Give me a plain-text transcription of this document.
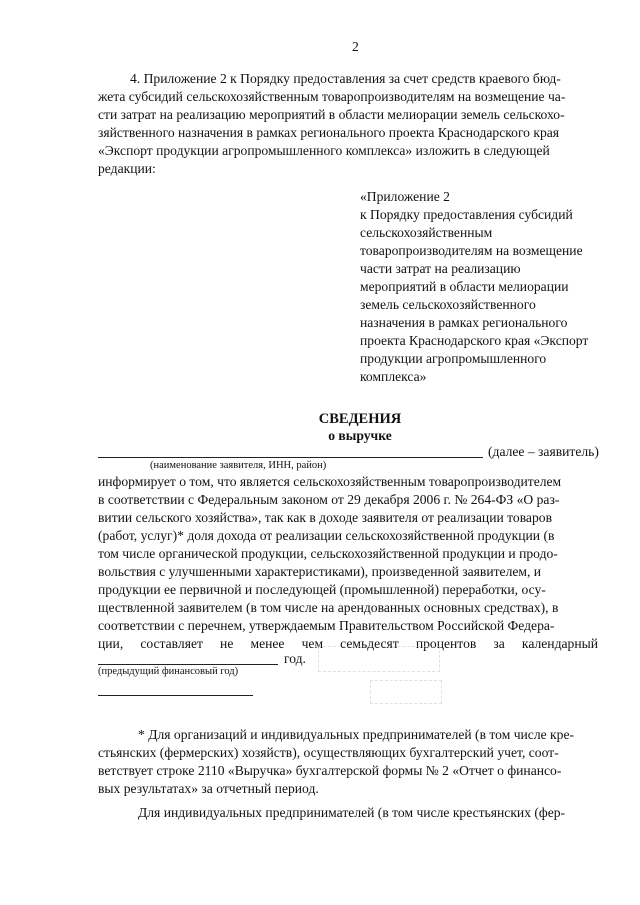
2
4. Приложение 2 к Порядку предоставления за счет средств краевого бюд-
жета субсидий сельскохозяйственным товаропроизводителям на возмещение ча-
сти затрат на реализацию мероприятий в области мелиорации земель сельскохо-
зяйственного назначения в рамках регионального проекта Краснодарского края
«Экспорт продукции агропромышленного комплекса» изложить в следующей
редакции:
«Приложение 2
к Порядку предоставления субсидий
сельскохозяйственным
товаропроизводителям на возмещение
части затрат на реализацию
мероприятий в области мелиорации
земель сельскохозяйственного
назначения в рамках регионального
проекта Краснодарского края «Экспорт
продукции агропромышленного
комплекса»
СВЕДЕНИЯ
о выручке
(далее – заявитель)
(наименование заявителя, ИНН, район)
информирует о том, что является сельскохозяйственным товаропроизводителем
в соответствии с Федеральным законом от 29 декабря 2006 г. № 264-ФЗ «О раз-
витии сельского хозяйства», так как в доходе заявителя от реализации товаров
(работ, услуг)* доля дохода от реализации сельскохозяйственной продукции (в
том числе органической продукции, сельскохозяйственной продукции и продо-
вольствия с улучшенными характеристиками), произведенной заявителем, и
продукции ее первичной и последующей (промышленной) переработки, осу-
ществленной заявителем (в том числе на арендованных основных средствах), в
соответствии с перечнем, утверждаемым Правительством Российской Федера-
ции, составляет не менее чем семьдесят процентов за календарный
год.
(предыдущий финансовый год)
* Для организаций и индивидуальных предпринимателей (в том числе кре-
стьянских (фермерских) хозяйств), осуществляющих бухгалтерский учет, соот-
ветствует строке 2110 «Выручка» бухгалтерской формы № 2 «Отчет о финансо-
вых результатах» за отчетный период.
Для индивидуальных предпринимателей (в том числе крестьянских (фер-
